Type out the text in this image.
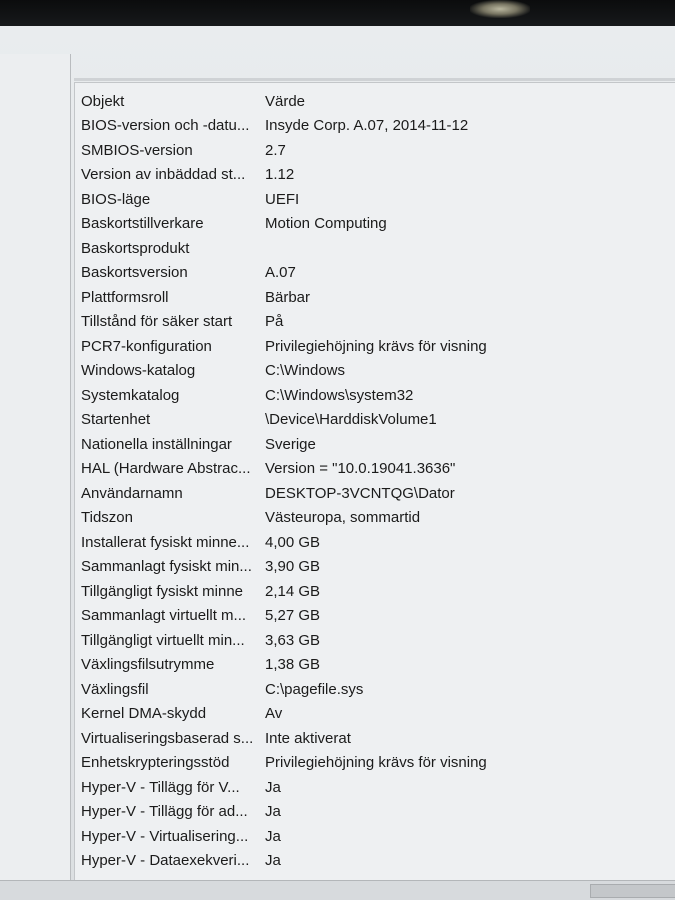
Objekt	Värde
BIOS-version och -datu...	Insyde Corp. A.07, 2014-11-12
SMBIOS-version	2.7
Version av inbäddad st...	1.12
BIOS-läge	UEFI
Baskortstillverkare	Motion Computing
Baskortsprodukt	
Baskortsversion	A.07
Plattformsroll	Bärbar
Tillstånd för säker start	På
PCR7-konfiguration	Privilegiehöjning krävs för visning
Windows-katalog	C:\Windows
Systemkatalog	C:\Windows\system32
Startenhet	\Device\HarddiskVolume1
Nationella inställningar	Sverige
HAL (Hardware Abstrac...	Version = "10.0.19041.3636"
Användarnamn	DESKTOP-3VCNTQG\Dator
Tidszon	Västeuropa, sommartid
Installerat fysiskt minne...	4,00 GB
Sammanlagt fysiskt min...	3,90 GB
Tillgängligt fysiskt minne	2,14 GB
Sammanlagt virtuellt m...	5,27 GB
Tillgängligt virtuellt min...	3,63 GB
Växlingsfilsutrymme	1,38 GB
Växlingsfil	C:\pagefile.sys
Kernel DMA-skydd	Av
Virtualiseringsbaserad s...	Inte aktiverat
Enhetskrypteringsstöd	Privilegiehöjning krävs för visning
Hyper-V - Tillägg för V...	Ja
Hyper-V - Tillägg för ad...	Ja
Hyper-V - Virtualisering...	Ja
Hyper-V - Dataexekveri...	Ja
